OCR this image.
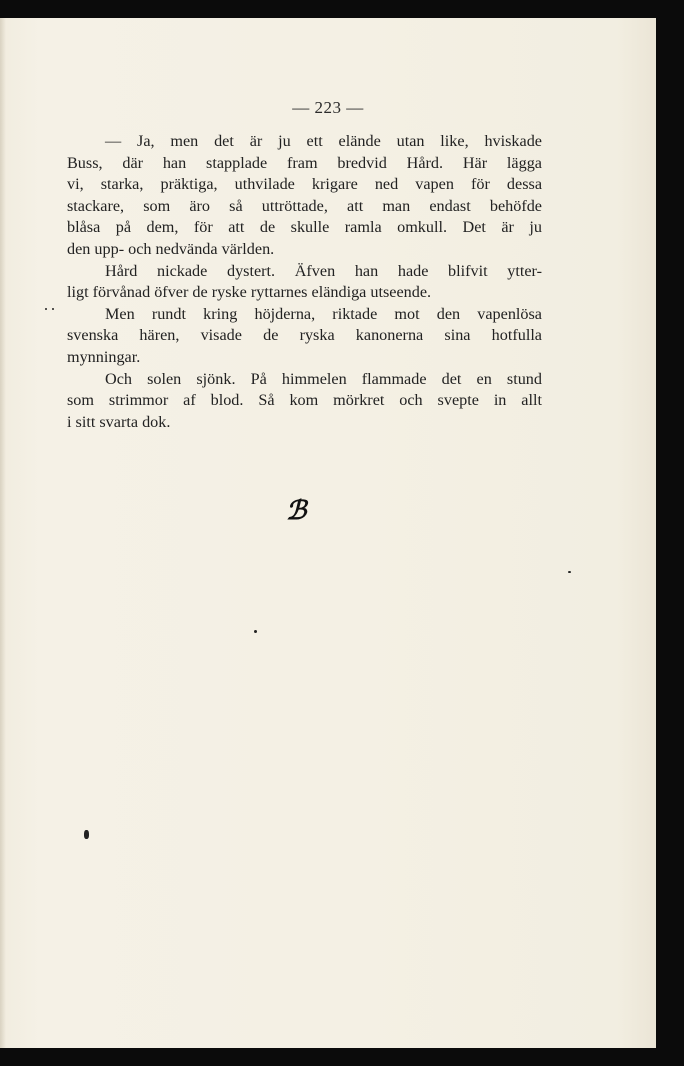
— 223 —
— Ja, men det är ju ett elände utan like, hviskade
Buss, där han stapplade fram bredvid Hård. Här lägga
vi, starka, präktiga, uthvilade krigare ned vapen för dessa
stackare, som äro så uttröttade, att man endast behöfde
blåsa på dem, för att de skulle ramla omkull. Det är ju
den upp- och nedvända världen.
Hård nickade dystert. Äfven han hade blifvit ytter-
ligt förvånad öfver de ryske ryttarnes eländiga utseende.
Men rundt kring höjderna, riktade mot den vapenlösa
svenska hären, visade de ryska kanonerna sina hotfulla
mynningar.
Och solen sjönk. På himmelen flammade det en stund
som strimmor af blod. Så kom mörkret och svepte in allt
i sitt svarta dok.
ℬ
